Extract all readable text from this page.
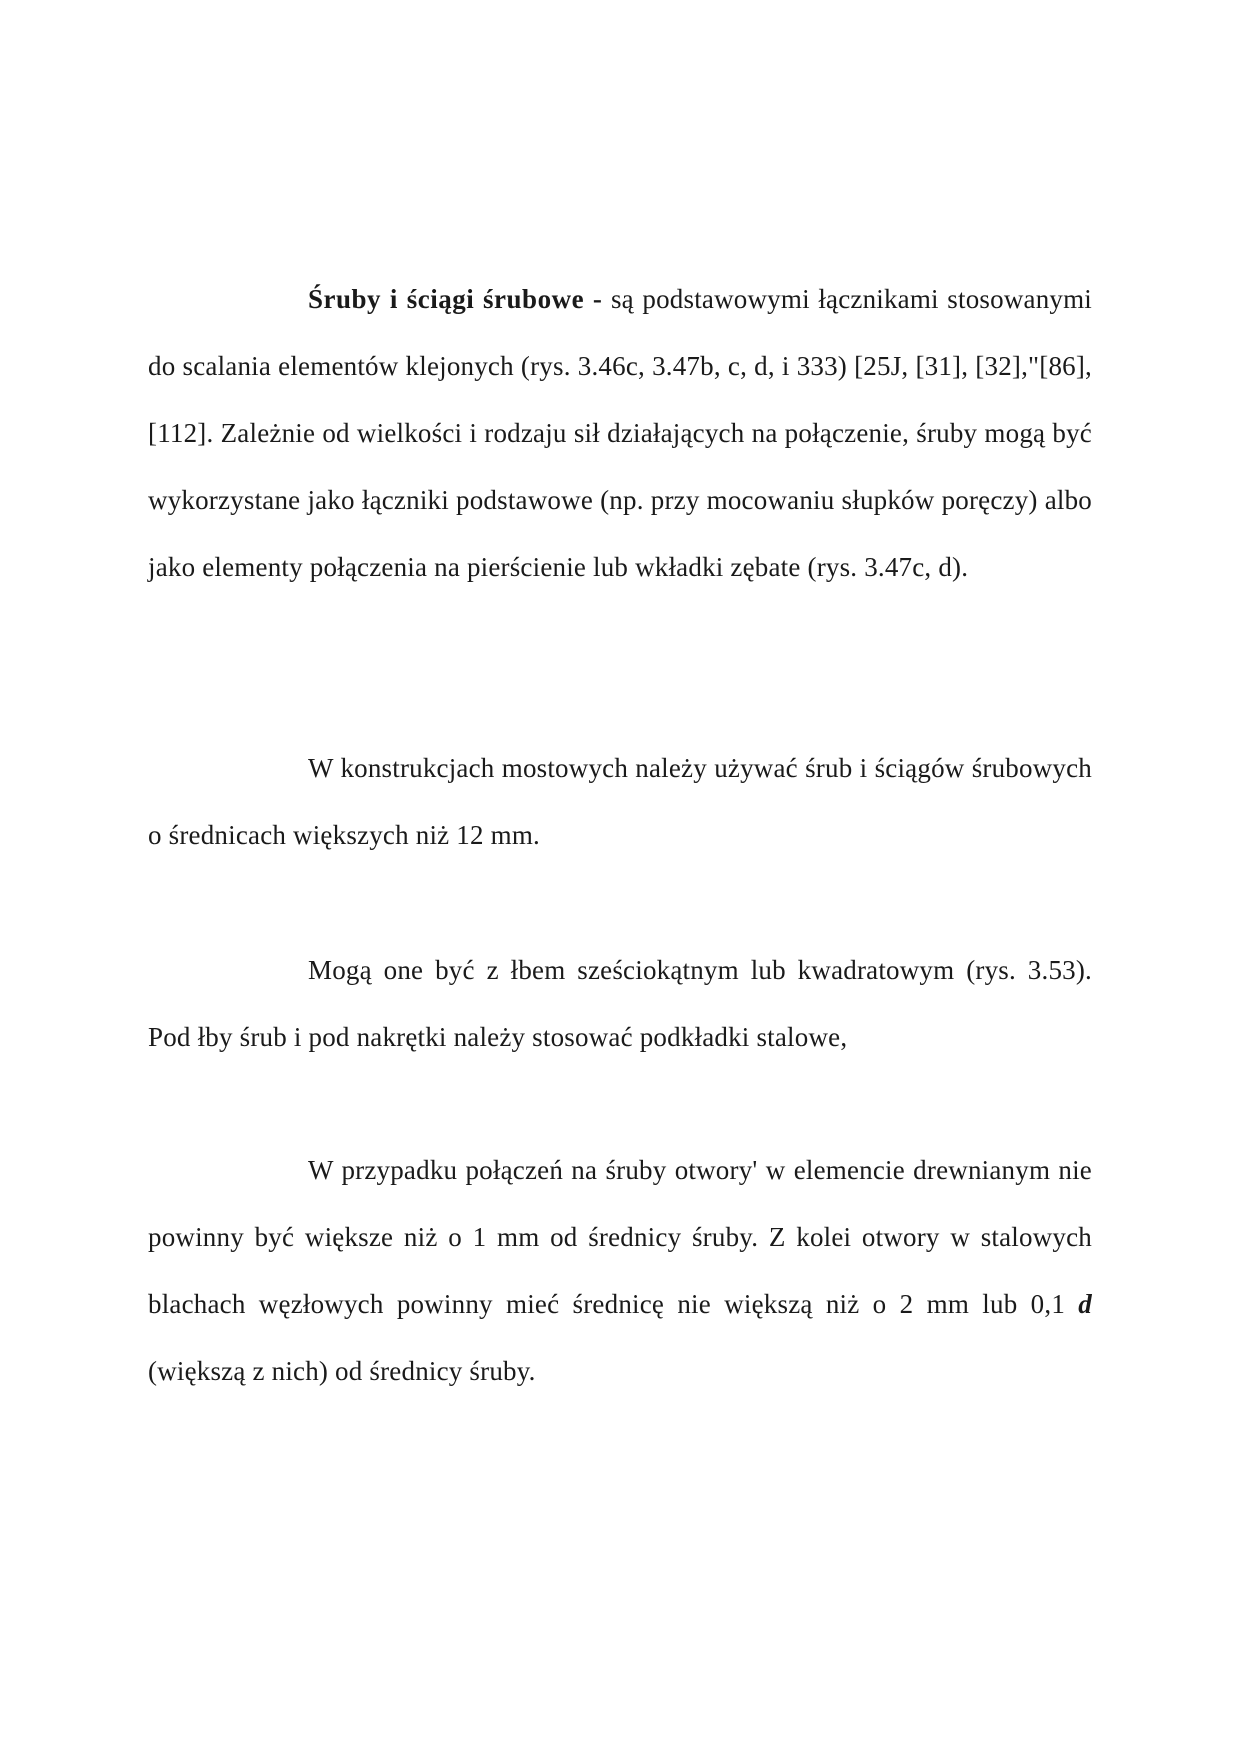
Śruby i ściągi śrubowe - są podstawowymi łącznikami stosowanymi do scalania elementów klejonych (rys. 3.46c, 3.47b, c, d, i 333) [25J, [31], [32],"[86], [112]. Zależnie od wielkości i rodzaju sił działających na połączenie, śruby mogą być wykorzystane jako łączniki podstawowe (np. przy mocowaniu słupków poręczy) albo jako elementy połączenia na pierścienie lub wkładki zębate (rys. 3.47c, d).
W konstrukcjach mostowych należy używać śrub i ściągów śrubowych o średnicach większych niż 12 mm.
Mogą one być z łbem sześciokątnym lub kwadratowym (rys. 3.53). Pod łby śrub i pod nakrętki należy stosować podkładki stalowe,
W przypadku połączeń na śruby otwory' w elemencie drewnianym nie powinny być większe niż o 1 mm od średnicy śruby. Z kolei otwory w stalowych blachach węzłowych powinny mieć średnicę nie większą niż o 2 mm lub 0,1 d (większą z nich) od średnicy śruby.
